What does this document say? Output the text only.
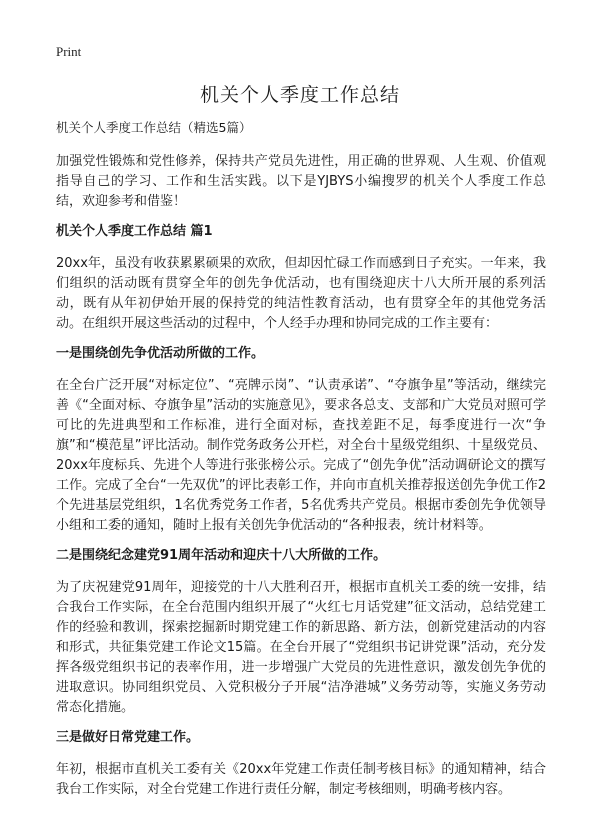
Print
机关个人季度工作总结
机关个人季度工作总结（精选5篇）

加强党性锻炼和党性修养，保持共产党员先进性，用正确的世界观、人生观、价值观指导自己的学习、工作和生活实践。以下是YJBYS小编搜罗的机关个人季度工作总结，欢迎参考和借鉴！

机关个人季度工作总结 篇1

20xx年，虽没有收获累累硕果的欢欣，但却因忙碌工作而感到日子充实。一年来，我们组织的活动既有贯穿全年的创先争优活动，也有围绕迎庆十八大所开展的系列活动，既有从年初伊始开展的保持党的纯洁性教育活动，也有贯穿全年的其他党务活动。在组织开展这些活动的过程中，个人经手办理和协同完成的工作主要有：

一是围绕创先争优活动所做的工作。

在全台广泛开展“对标定位”、“亮牌示岗”、“认责承诺”、“夺旗争星”等活动，继续完善《“全面对标、夺旗争星”活动的实施意见》，要求各总支、支部和广大党员对照可学可比的先进典型和工作标准，进行全面对标，查找差距不足，每季度进行一次“争旗”和“模范星”评比活动。制作党务政务公开栏，对全台十星级党组织、十星级党员、20xx年度标兵、先进个人等进行张张榜公示。完成了“创先争优”活动调研论文的撰写工作。完成了全台“一先双优”的评比表彰工作，并向市直机关推荐报送创先争优工作2个先进基层党组织，1名优秀党务工作者，5名优秀共产党员。根据市委创先争优领导小组和工委的通知，随时上报有关创先争优活动的“各种报表，统计材料等。

二是围绕纪念建党91周年活动和迎庆十八大所做的工作。

为了庆祝建党91周年，迎接党的十八大胜利召开，根据市直机关工委的统一安排，结合我台工作实际，在全台范围内组织开展了“火红七月话党建”征文活动，总结党建工作的经验和教训，探索挖掘新时期党建工作的新思路、新方法，创新党建活动的内容和形式，共征集党建工作论文15篇。在全台开展了“党组织书记讲党课”活动，充分发挥各级党组织书记的表率作用，进一步增强广大党员的先进性意识，激发创先争优的进取意识。协同组织党员、入党积极分子开展“洁净港城”义务劳动等，实施义务劳动常态化措施。

三是做好日常党建工作。

年初，根据市直机关工委有关《20xx年党建工作责任制考核目标》的通知精神，结合我台工作实际，对全台党建工作进行责任分解，制定考核细则，明确考核内容。
